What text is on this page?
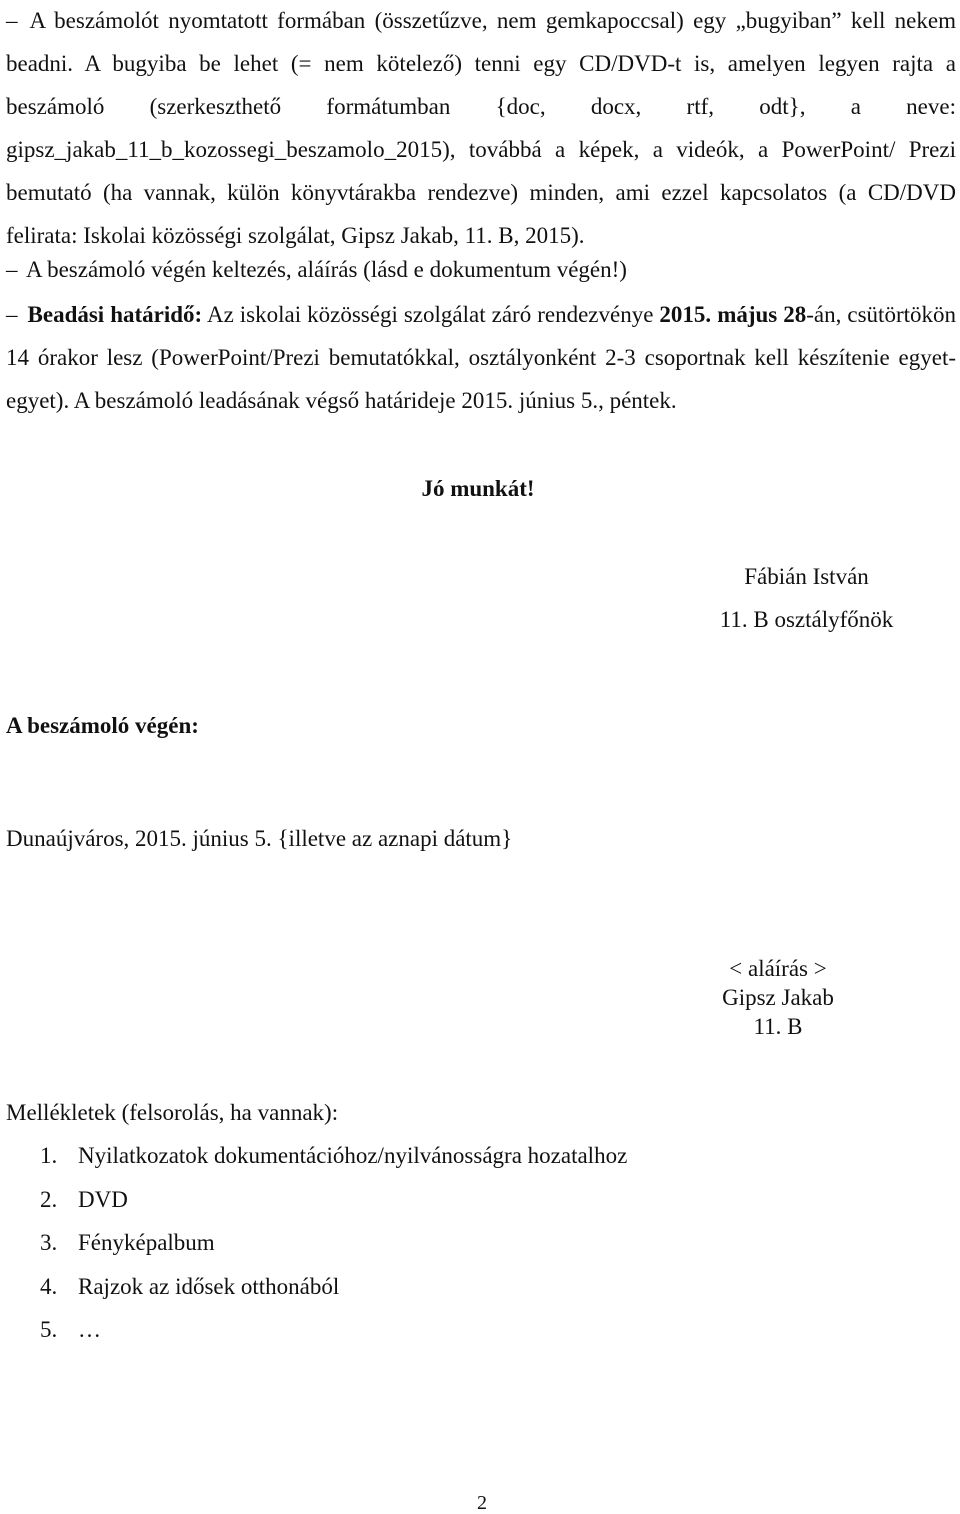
– A beszámolót nyomtatott formában (összetűzve, nem gemkapoccsal) egy „bugyiban” kell nekem beadni. A bugyiba be lehet (= nem kötelező) tenni egy CD/DVD-t is, amelyen legyen rajta a beszámoló (szerkeszthető formátumban {doc, docx, rtf, odt}, a neve: gipsz_jakab_11_b_kozossegi_beszamolo_2015), továbbá a képek, a videók, a PowerPoint/ Prezi bemutató (ha vannak, külön könyvtárakba rendezve) minden, ami ezzel kapcsolatos (a CD/DVD felirata: Iskolai közösségi szolgálat, Gipsz Jakab, 11. B, 2015).

– A beszámoló végén keltezés, aláírás (lásd e dokumentum végén!)

– Beadási határidő: Az iskolai közösségi szolgálat záró rendezvénye 2015. május 28-án, csütörtökön 14 órakor lesz (PowerPoint/Prezi bemutatókkal, osztályonként 2-3 csoportnak kell készítenie egyet-egyet). A beszámoló leadásának végső határideje 2015. június 5., péntek.

Jó munkát!
Fábián István
11. B osztályfőnök
A beszámoló végén:
Dunaújváros, 2015. június 5. {illetve az aznapi dátum}
< aláírás >
Gipsz Jakab
11. B
Mellékletek (felsorolás, ha vannak):
1. Nyilatkozatok dokumentációhoz/nyilvánosságra hozatalhoz
2. DVD
3. Fényképalbum
4. Rajzok az idősek otthonából
5. …
2
